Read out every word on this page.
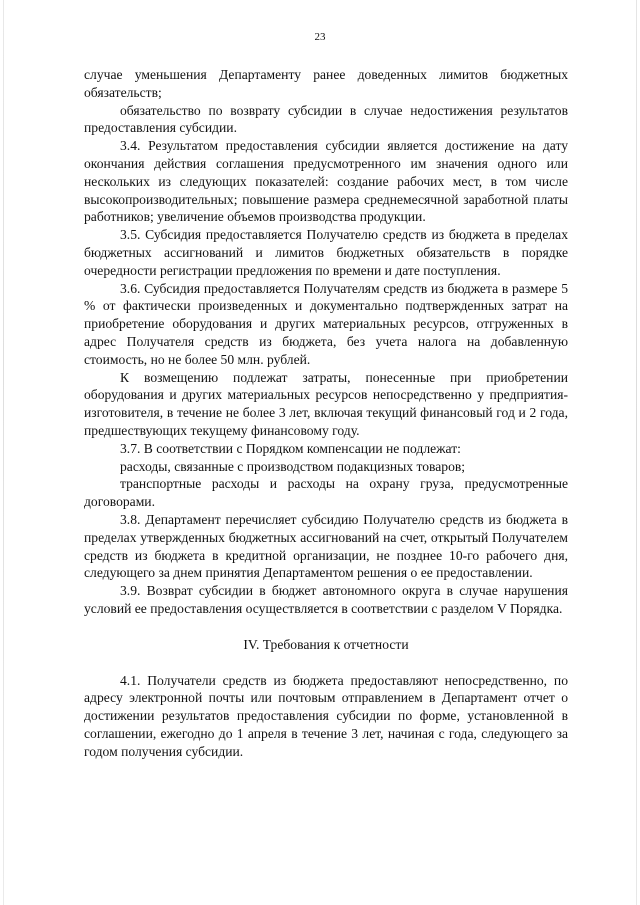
23

случае уменьшения Департаменту ранее доведенных лимитов бюджетных обязательств;

обязательство по возврату субсидии в случае недостижения результатов предоставления субсидии.

3.4. Результатом предоставления субсидии является достижение на дату окончания действия соглашения предусмотренного им значения одного или нескольких из следующих показателей: создание рабочих мест, в том числе высокопроизводительных; повышение размера среднемесячной заработной платы работников; увеличение объемов производства продукции.

3.5. Субсидия предоставляется Получателю средств из бюджета в пределах бюджетных ассигнований и лимитов бюджетных обязательств в порядке очередности регистрации предложения по времени и дате поступления.

3.6. Субсидия предоставляется Получателям средств из бюджета в размере 5 % от фактически произведенных и документально подтвержденных затрат на приобретение оборудования и других материальных ресурсов, отгруженных в адрес Получателя средств из бюджета, без учета налога на добавленную стоимость, но не более 50 млн. рублей.

К возмещению подлежат затраты, понесенные при приобретении оборудования и других материальных ресурсов непосредственно у предприятия-изготовителя, в течение не более 3 лет, включая текущий финансовый год и 2 года, предшествующих текущему финансовому году.

3.7. В соответствии с Порядком компенсации не подлежат:

расходы, связанные с производством подакцизных товаров;

транспортные расходы и расходы на охрану груза, предусмотренные договорами.

3.8. Департамент перечисляет субсидию Получателю средств из бюджета в пределах утвержденных бюджетных ассигнований на счет, открытый Получателем средств из бюджета в кредитной организации, не позднее 10-го рабочего дня, следующего за днем принятия Департаментом решения о ее предоставлении.

3.9. Возврат субсидии в бюджет автономного округа в случае нарушения условий ее предоставления осуществляется в соответствии с разделом V Порядка.

IV. Требования к отчетности

4.1. Получатели средств из бюджета предоставляют непосредственно, по адресу электронной почты или почтовым отправлением в Департамент отчет о достижении результатов предоставления субсидии по форме, установленной в соглашении, ежегодно до 1 апреля в течение 3 лет, начиная с года, следующего за годом получения субсидии.
